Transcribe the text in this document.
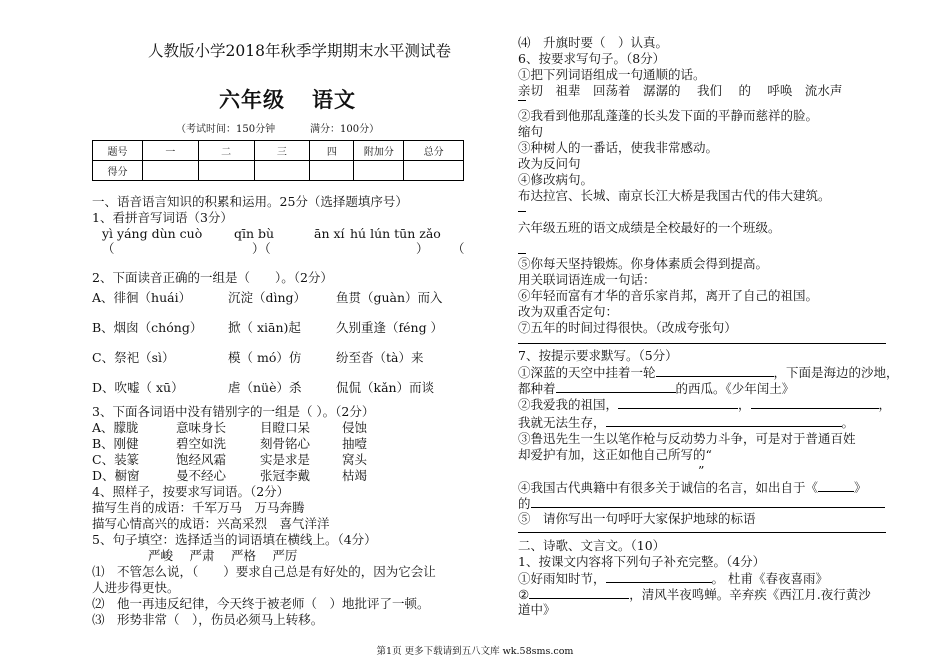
人教版小学2018年秋季学期期末水平测试卷
六年级 语文
（考试时间：150分钟	满分：100分）
题号	一	二	三	四	附加分	总分
得分						
一、语音语言知识的积累和运用。25分（选择题填序号）
1、看拼音写词语（3分）
yì yáng dùn cuò	qīn bù	ān xí hú lún tūn zǎo
（	）（	） （
2、下面读音正确的一组是（　　）。（2分）
A、徘徊（huái）	沉淀（dìng） 鱼贯（guàn）而入
B、烟囱（chóng） 掀（ xiān)起	久别重逢（féng ）
C、祭祀（sì）	模（ mó）仿	纷至沓（tà）来
D、吹嘘（ xū）	虐（nüè）杀	侃侃（kǎn）而谈
3、下面各词语中没有错别字的一组是（ ）。（2分）
A、朦胧	意味身长	目瞪口呆	侵蚀
B、刚健	碧空如洗	刻骨铭心	抽噎
C、装篆	饱经风霜	实是求是	窝头
D、橱窗	曼不经心	张冠李戴	枯竭
4、照样子，按要求写词语。（2分）
描写生肖的成语：千军万马　万马奔腾
描写心情高兴的成语：兴高采烈　喜气洋洋
5、句子填空：选择适当的词语填在横线上。（4分）
严峻　 严肃　 严格　 严厉
⑴　不管怎么说，（　　）要求自己总是有好处的，因为它会让
人进步得更快。
⑵　他一再违反纪律，今天终于被老师（　）地批评了一顿。
⑶　形势非常（　），伤员必须马上转移。
⑷　升旗时要（　）认真。
6、按要求写句子。（8分）
①把下列词语组成一句通顺的话。
亲切　祖辈　回荡着　潺潺的　 我们　 的　 呼唤　流水声
②我看到他那乱蓬蓬的长头发下面的平静而慈祥的脸。
缩句
③种树人的一番话，使我非常感动。
改为反问句
④修改病句。
布达拉宫、长城、南京长江大桥是我国古代的伟大建筑。
六年级五班的语文成绩是全校最好的一个班级。
⑤你每天坚持锻炼。你身体素质会得到提高。
用关联词语连成一句话：
⑥年轻而富有才华的音乐家肖邦，离开了自己的祖国。
改为双重否定句：
⑦五年的时间过得很快。（改成夸张句）
7、按提示要求默写。（5分）
①深蓝的天空中挂着一轮	，下面是海边的沙地，
都种着	的西瓜。《少年闰土》
②我爱我的祖国，	，	，
我就无法生存，	。
③鲁迅先生一生以笔作枪与反动势力斗争，可是对于普通百姓
却爱护有加，这正如他自己所写的“
”
④我国古代典籍中有很多关于诚信的名言，如出自于《	》
的
⑤　请你写出一句呼吁大家保护地球的标语
二、诗歌、文言文。（10）
1、按课文内容将下列句子补充完整。（4分）
①好雨知时节，	。 杜甫《春夜喜雨》
②	，清风半夜鸣蝉。辛弃疾《西江月.夜行黄沙
道中》
第1页 更多下载请到五八文库 wk.58sms.com
